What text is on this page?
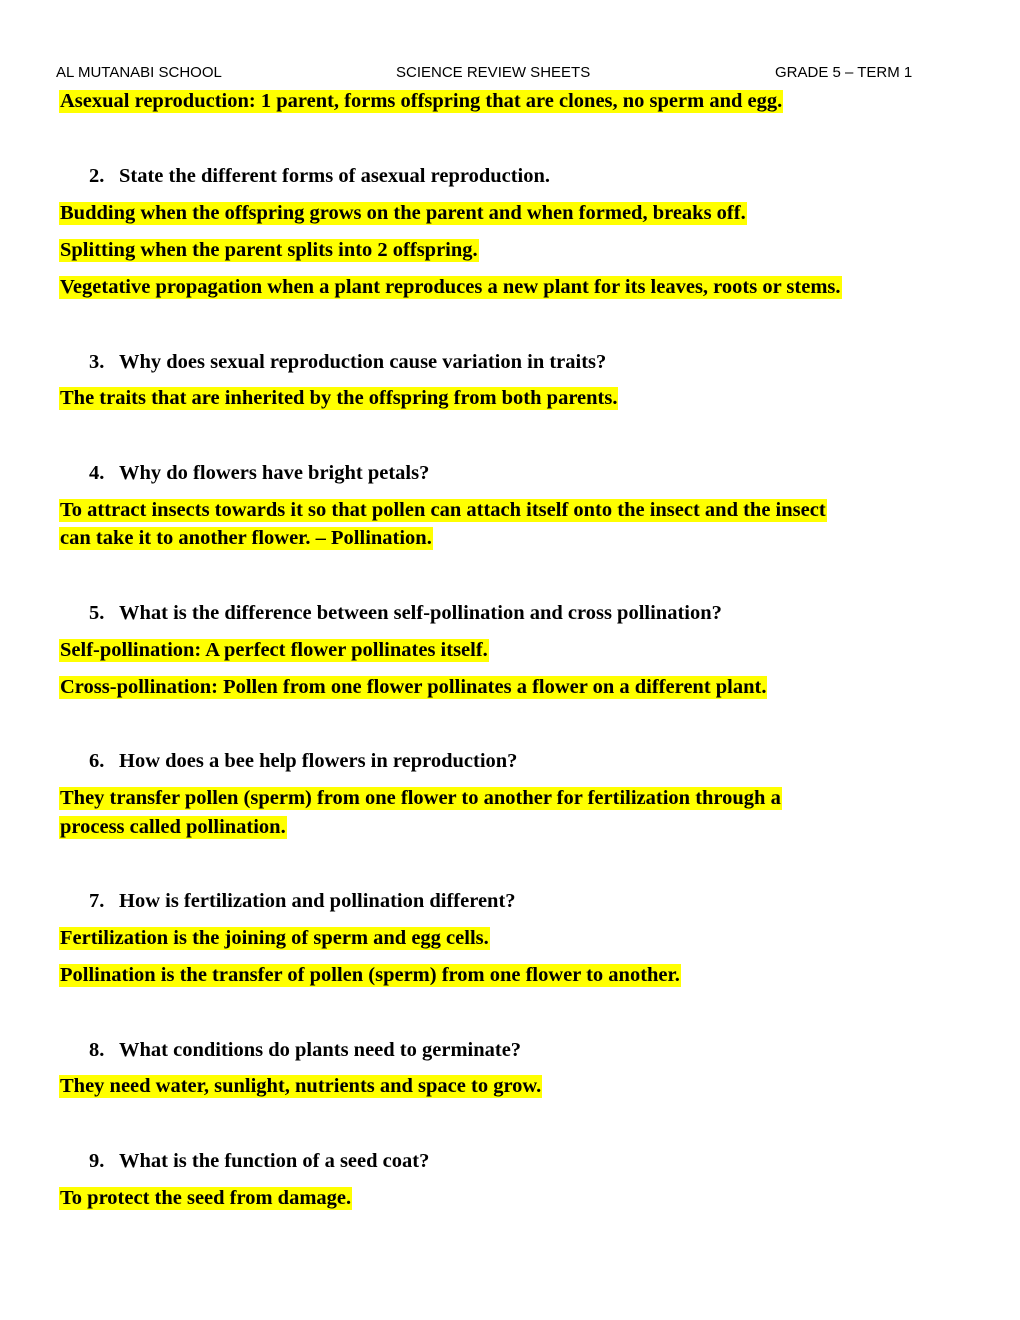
AL MUTANABI SCHOOL	SCIENCE REVIEW SHEETS	GRADE 5 – TERM 1
Asexual reproduction: 1 parent, forms offspring that are clones, no sperm and egg.
2. State the different forms of asexual reproduction.
Budding when the offspring grows on the parent and when formed, breaks off.
Splitting when the parent splits into 2 offspring.
Vegetative propagation when a plant reproduces a new plant for its leaves, roots or stems.
3. Why does sexual reproduction cause variation in traits?
The traits that are inherited by the offspring from both parents.
4. Why do flowers have bright petals?
To attract insects towards it so that pollen can attach itself onto the insect and the insect
can take it to another flower. – Pollination.
5. What is the difference between self-pollination and cross pollination?
Self-pollination: A perfect flower pollinates itself.
Cross-pollination: Pollen from one flower pollinates a flower on a different plant.
6. How does a bee help flowers in reproduction?
They transfer pollen (sperm) from one flower to another for fertilization through a
process called pollination.
7. How is fertilization and pollination different?
Fertilization is the joining of sperm and egg cells.
Pollination is the transfer of pollen (sperm) from one flower to another.
8. What conditions do plants need to germinate?
They need water, sunlight, nutrients and space to grow.
9. What is the function of a seed coat?
To protect the seed from damage.
